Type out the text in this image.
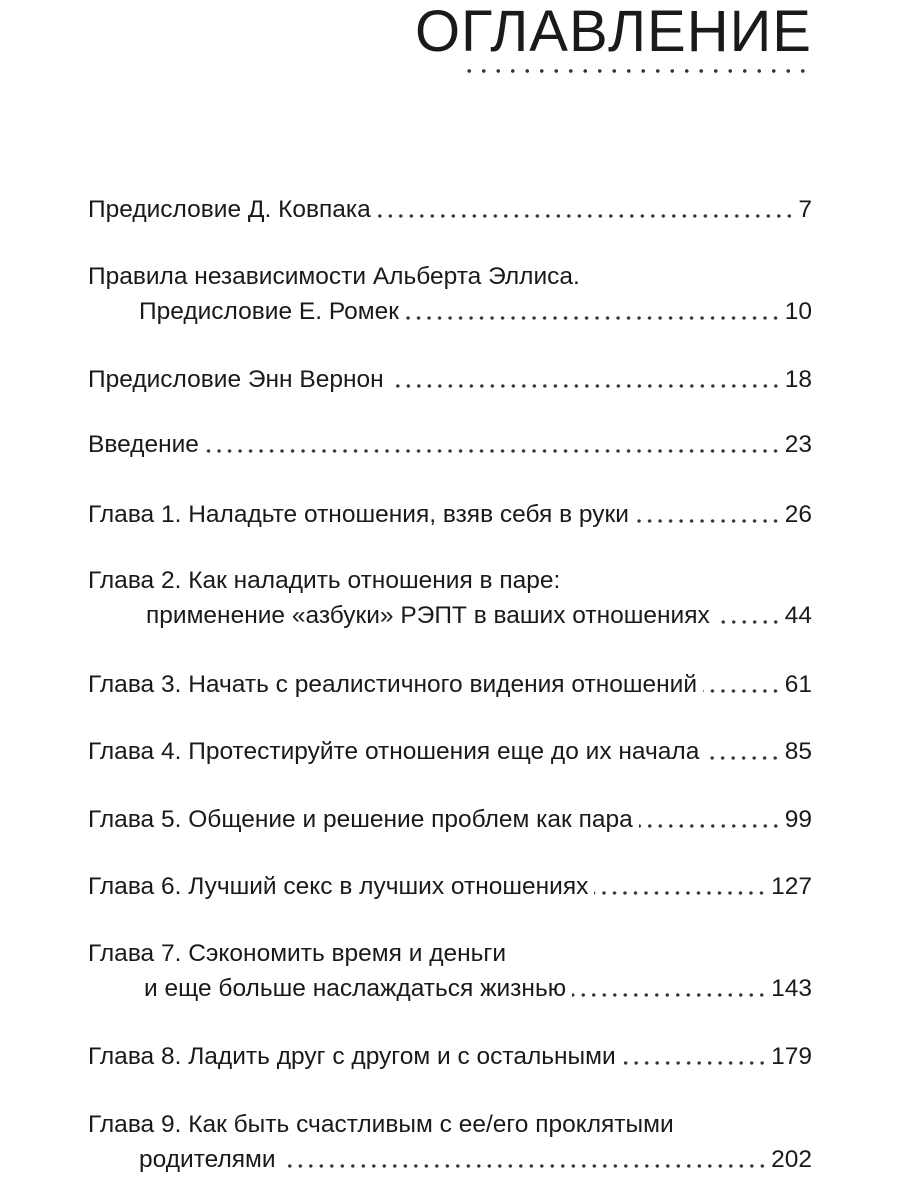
ОГЛАВЛЕНИЕ
Предисловие Д. Ковпака	7
Правила независимости Альберта Эллиса.
Предисловие Е. Ромек	10
Предисловие Энн Вернон	18
Введение	23
Глава 1. Наладьте отношения, взяв себя в руки	26
Глава 2. Как наладить отношения в паре:
применение «азбуки» РЭПТ в ваших отношениях	44
Глава 3. Начать с реалистичного видения отношений	61
Глава 4. Протестируйте отношения еще до их начала	85
Глава 5. Общение и решение проблем как пара	99
Глава 6. Лучший секс в лучших отношениях	127
Глава 7. Сэкономить время и деньги
и еще больше наслаждаться жизнью	143
Глава 8. Ладить друг с другом и с остальными	179
Глава 9. Как быть счастливым с ее/его проклятыми
родителями	202
